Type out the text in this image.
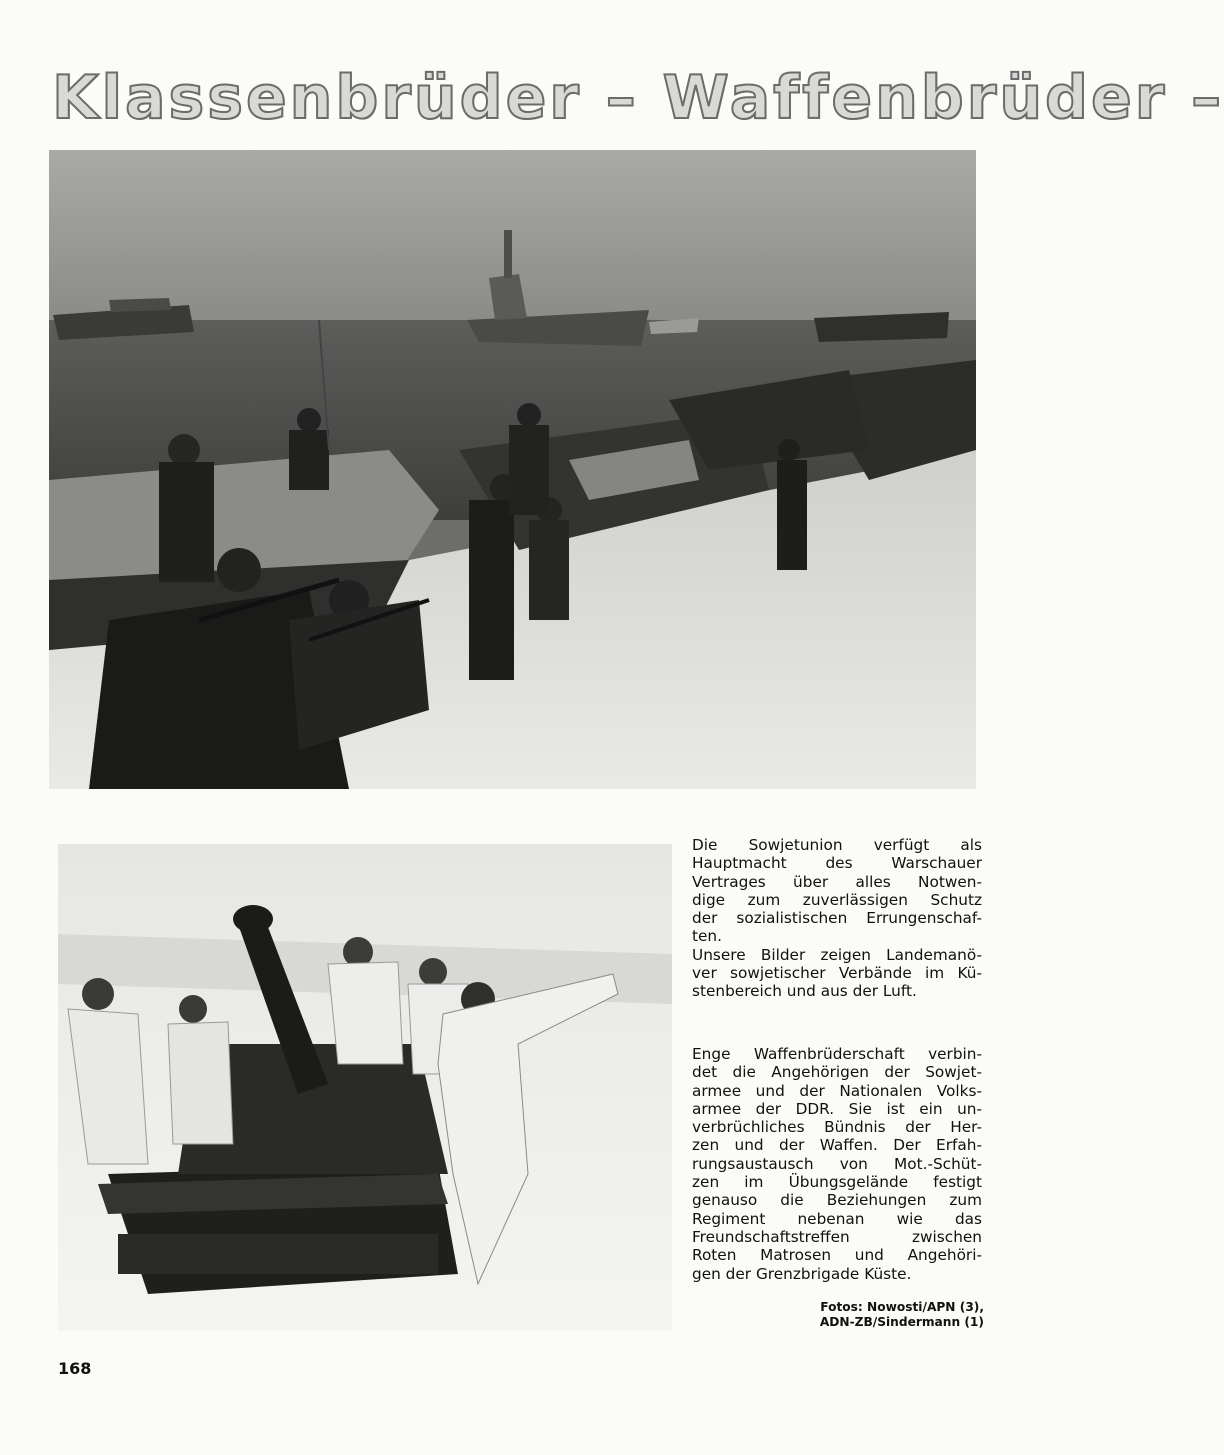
Klassenbrüder – Waffenbrüder –

Die Sowjetunion verfügt als
Hauptmacht des Warschauer
Vertrages über alles Notwen-
dige zum zuverlässigen Schutz
der sozialistischen Errungenschaf-
ten.

Unsere Bilder zeigen Landemanö-
ver sowjetischer Verbände im Kü-
stenbereich und aus der Luft.

Enge Waffenbrüderschaft verbin-
det die Angehörigen der Sowjet-
armee und der Nationalen Volks-
armee der DDR. Sie ist ein un-
verbrüchliches Bündnis der Her-
zen und der Waffen. Der Erfah-
rungsaustausch von Mot.-Schüt-
zen im Übungsgelände festigt
genauso die Beziehungen zum
Regiment nebenan wie das
Freundschaftstreffen zwischen
Roten Matrosen und Angehöri-
gen der Grenzbrigade Küste.

Fotos: Nowosti/APN (3),
ADN-ZB/Sindermann (1)
168
